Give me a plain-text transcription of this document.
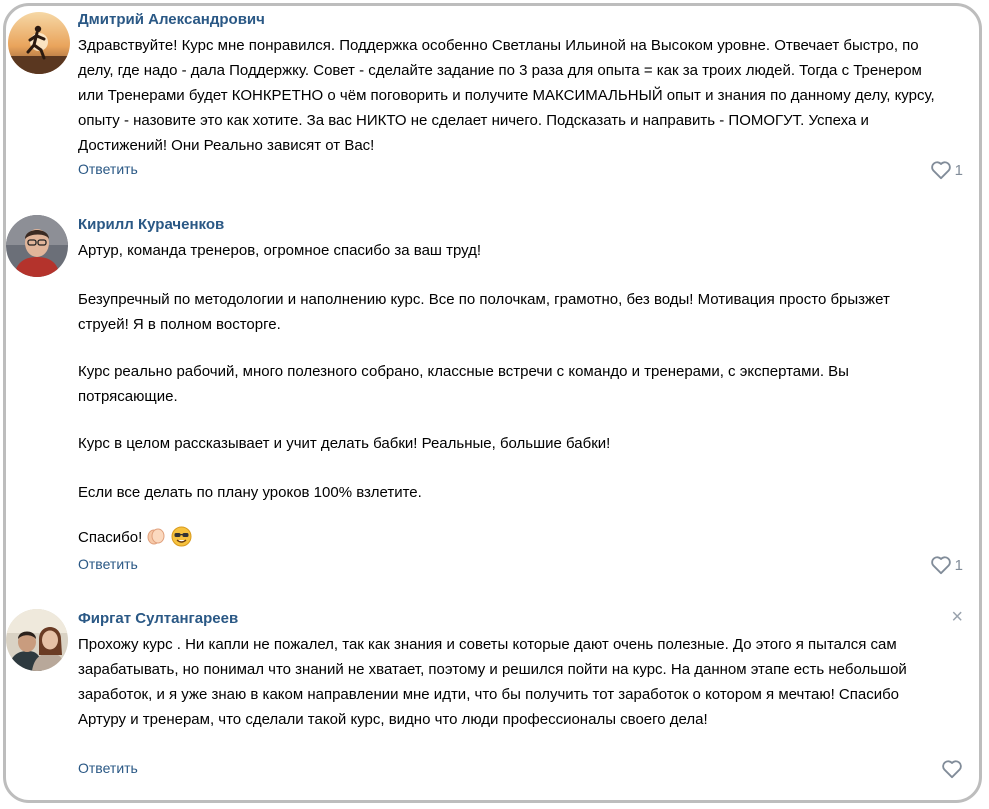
Дмитрий Александрович
Здравствуйте! Курс мне понравился. Поддержка особенно Светланы Ильиной на Высоком уровне. Отвечает быстро, по делу, где надо - дала Поддержку. Совет - сделайте задание по 3 раза для опыта = как за троих людей. Тогда с Тренером или Тренерами будет КОНКРЕТНО о чём поговорить и получите МАКСИМАЛЬНЫЙ опыт и знания по данному делу, курсу, опыту - назовите это как хотите. За вас НИКТО не сделает ничего. Подсказать и направить - ПОМОГУТ. Успеха и Достижений! Они Реально зависят от Вас!
Ответить	1
Кирилл Кураченков
Артур, команда тренеров, огромное спасибо за ваш труд!
Безупречный по методологии и наполнению курс. Все по полочкам, грамотно, без воды! Мотивация просто брызжет струей! Я в полном восторге.
Курс реально рабочий, много полезного собрано, классные встречи с командо и тренерами, с экспертами. Вы потрясающие.
Курс в целом рассказывает и учит делать бабки! Реальные, большие бабки!
Если все делать по плану уроков 100% взлетите.
Спасибо!
Ответить	1
Фиргат Султангареев	×
Прохожу курс . Ни капли не пожалел, так как знания и советы которые дают очень полезные. До этого я пытался сам зарабатывать, но понимал что знаний не хватает, поэтому и решился пойти на курс. На данном этапе есть небольшой заработок, и я уже знаю в каком направлении мне идти, что бы получить тот заработок о котором я мечтаю! Спасибо Артуру и тренерам, что сделали такой курс, видно что люди профессионалы своего дела!
Ответить
